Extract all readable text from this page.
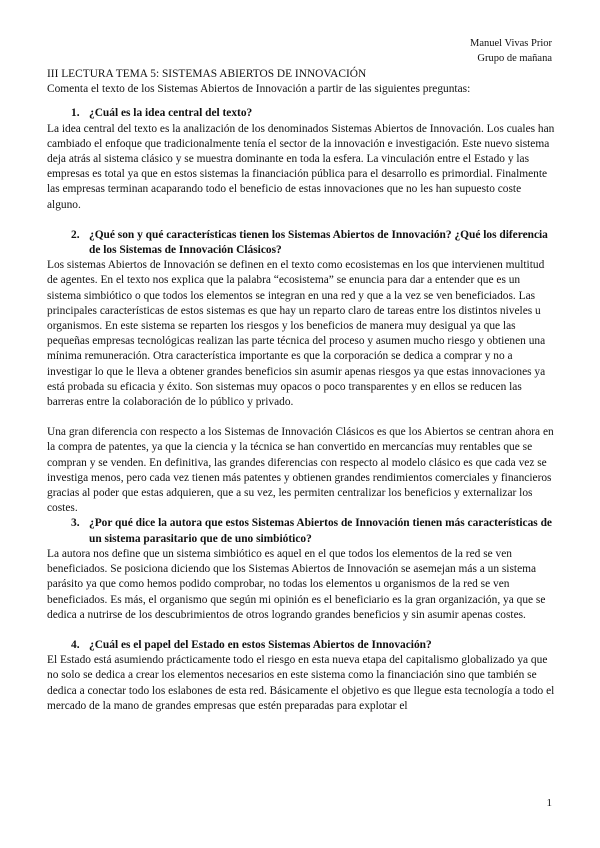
Manuel Vivas Prior
Grupo de mañana
III LECTURA TEMA 5: SISTEMAS ABIERTOS DE INNOVACIÓN

Comenta el texto de los Sistemas Abiertos de Innovación a partir de las siguientes preguntas:

1. ¿Cuál es la idea central del texto?

La idea central del texto es la analización de los denominados Sistemas Abiertos de Innovación. Los cuales han cambiado el enfoque que tradicionalmente tenía el sector de la innovación e investigación. Este nuevo sistema deja atrás al sistema clásico y se muestra dominante en toda la esfera. La vinculación entre el Estado y las empresas es total ya que en estos sistemas la financiación pública para el desarrollo es primordial. Finalmente las empresas terminan acaparando todo el beneficio de estas innovaciones que no les han supuesto coste alguno.

2. ¿Qué son y qué características tienen los Sistemas Abiertos de Innovación? ¿Qué los diferencia de los Sistemas de Innovación Clásicos?

Los sistemas Abiertos de Innovación se definen en el texto como ecosistemas en los que intervienen multitud de agentes. En el texto nos explica que la palabra “ecosistema” se enuncia para dar a entender que es un sistema simbiótico o que todos los elementos se integran en una red y que a la vez se ven beneficiados. Las principales características de estos sistemas es que hay un reparto claro de tareas entre los distintos niveles u organismos. En este sistema se reparten los riesgos y los beneficios de manera muy desigual ya que las pequeñas empresas tecnológicas realizan las parte técnica del proceso y asumen mucho riesgo y obtienen una mínima remuneración. Otra característica importante es que la corporación se dedica a comprar y no a investigar lo que le lleva a obtener grandes beneficios sin asumir apenas riesgos ya que estas innovaciones ya está probada su eficacia y éxito. Son sistemas muy opacos o poco transparentes y en ellos se reducen las barreras entre la colaboración de lo público y privado.

Una gran diferencia con respecto a los Sistemas de Innovación Clásicos es que los Abiertos se centran ahora en la compra de patentes, ya que la ciencia y la técnica se han convertido en mercancías muy rentables que se compran y se venden. En definitiva, las grandes diferencias con respecto al modelo clásico es que cada vez se investiga menos, pero cada vez tienen más patentes y obtienen grandes rendimientos comerciales y financieros gracias al poder que estas adquieren, que a su vez, les permiten centralizar los beneficios y externalizar los costes.

3. ¿Por qué dice la autora que estos Sistemas Abiertos de Innovación tienen más características de un sistema parasitario que de uno simbiótico?

La autora nos define que un sistema simbiótico es aquel en el que todos los elementos de la red se ven beneficiados. Se posiciona diciendo que los Sistemas Abiertos de Innovación se asemejan más a un sistema parásito ya que como hemos podido comprobar, no todas los elementos u organismos de la red se ven beneficiados. Es más, el organismo que según mi opinión es el beneficiario es la gran organización, ya que se dedica a nutrirse de los descubrimientos de otros logrando grandes beneficios y sin asumir apenas costes.

4. ¿Cuál es el papel del Estado en estos Sistemas Abiertos de Innovación?

El Estado está asumiendo prácticamente todo el riesgo en esta nueva etapa del capitalismo globalizado ya que no solo se dedica a crear los elementos necesarios en este sistema como la financiación sino que también se dedica a conectar todo los eslabones de esta red. Básicamente el objetivo es que llegue esta tecnología a todo el mercado de la mano de grandes empresas que estén preparadas para explotar el

1
